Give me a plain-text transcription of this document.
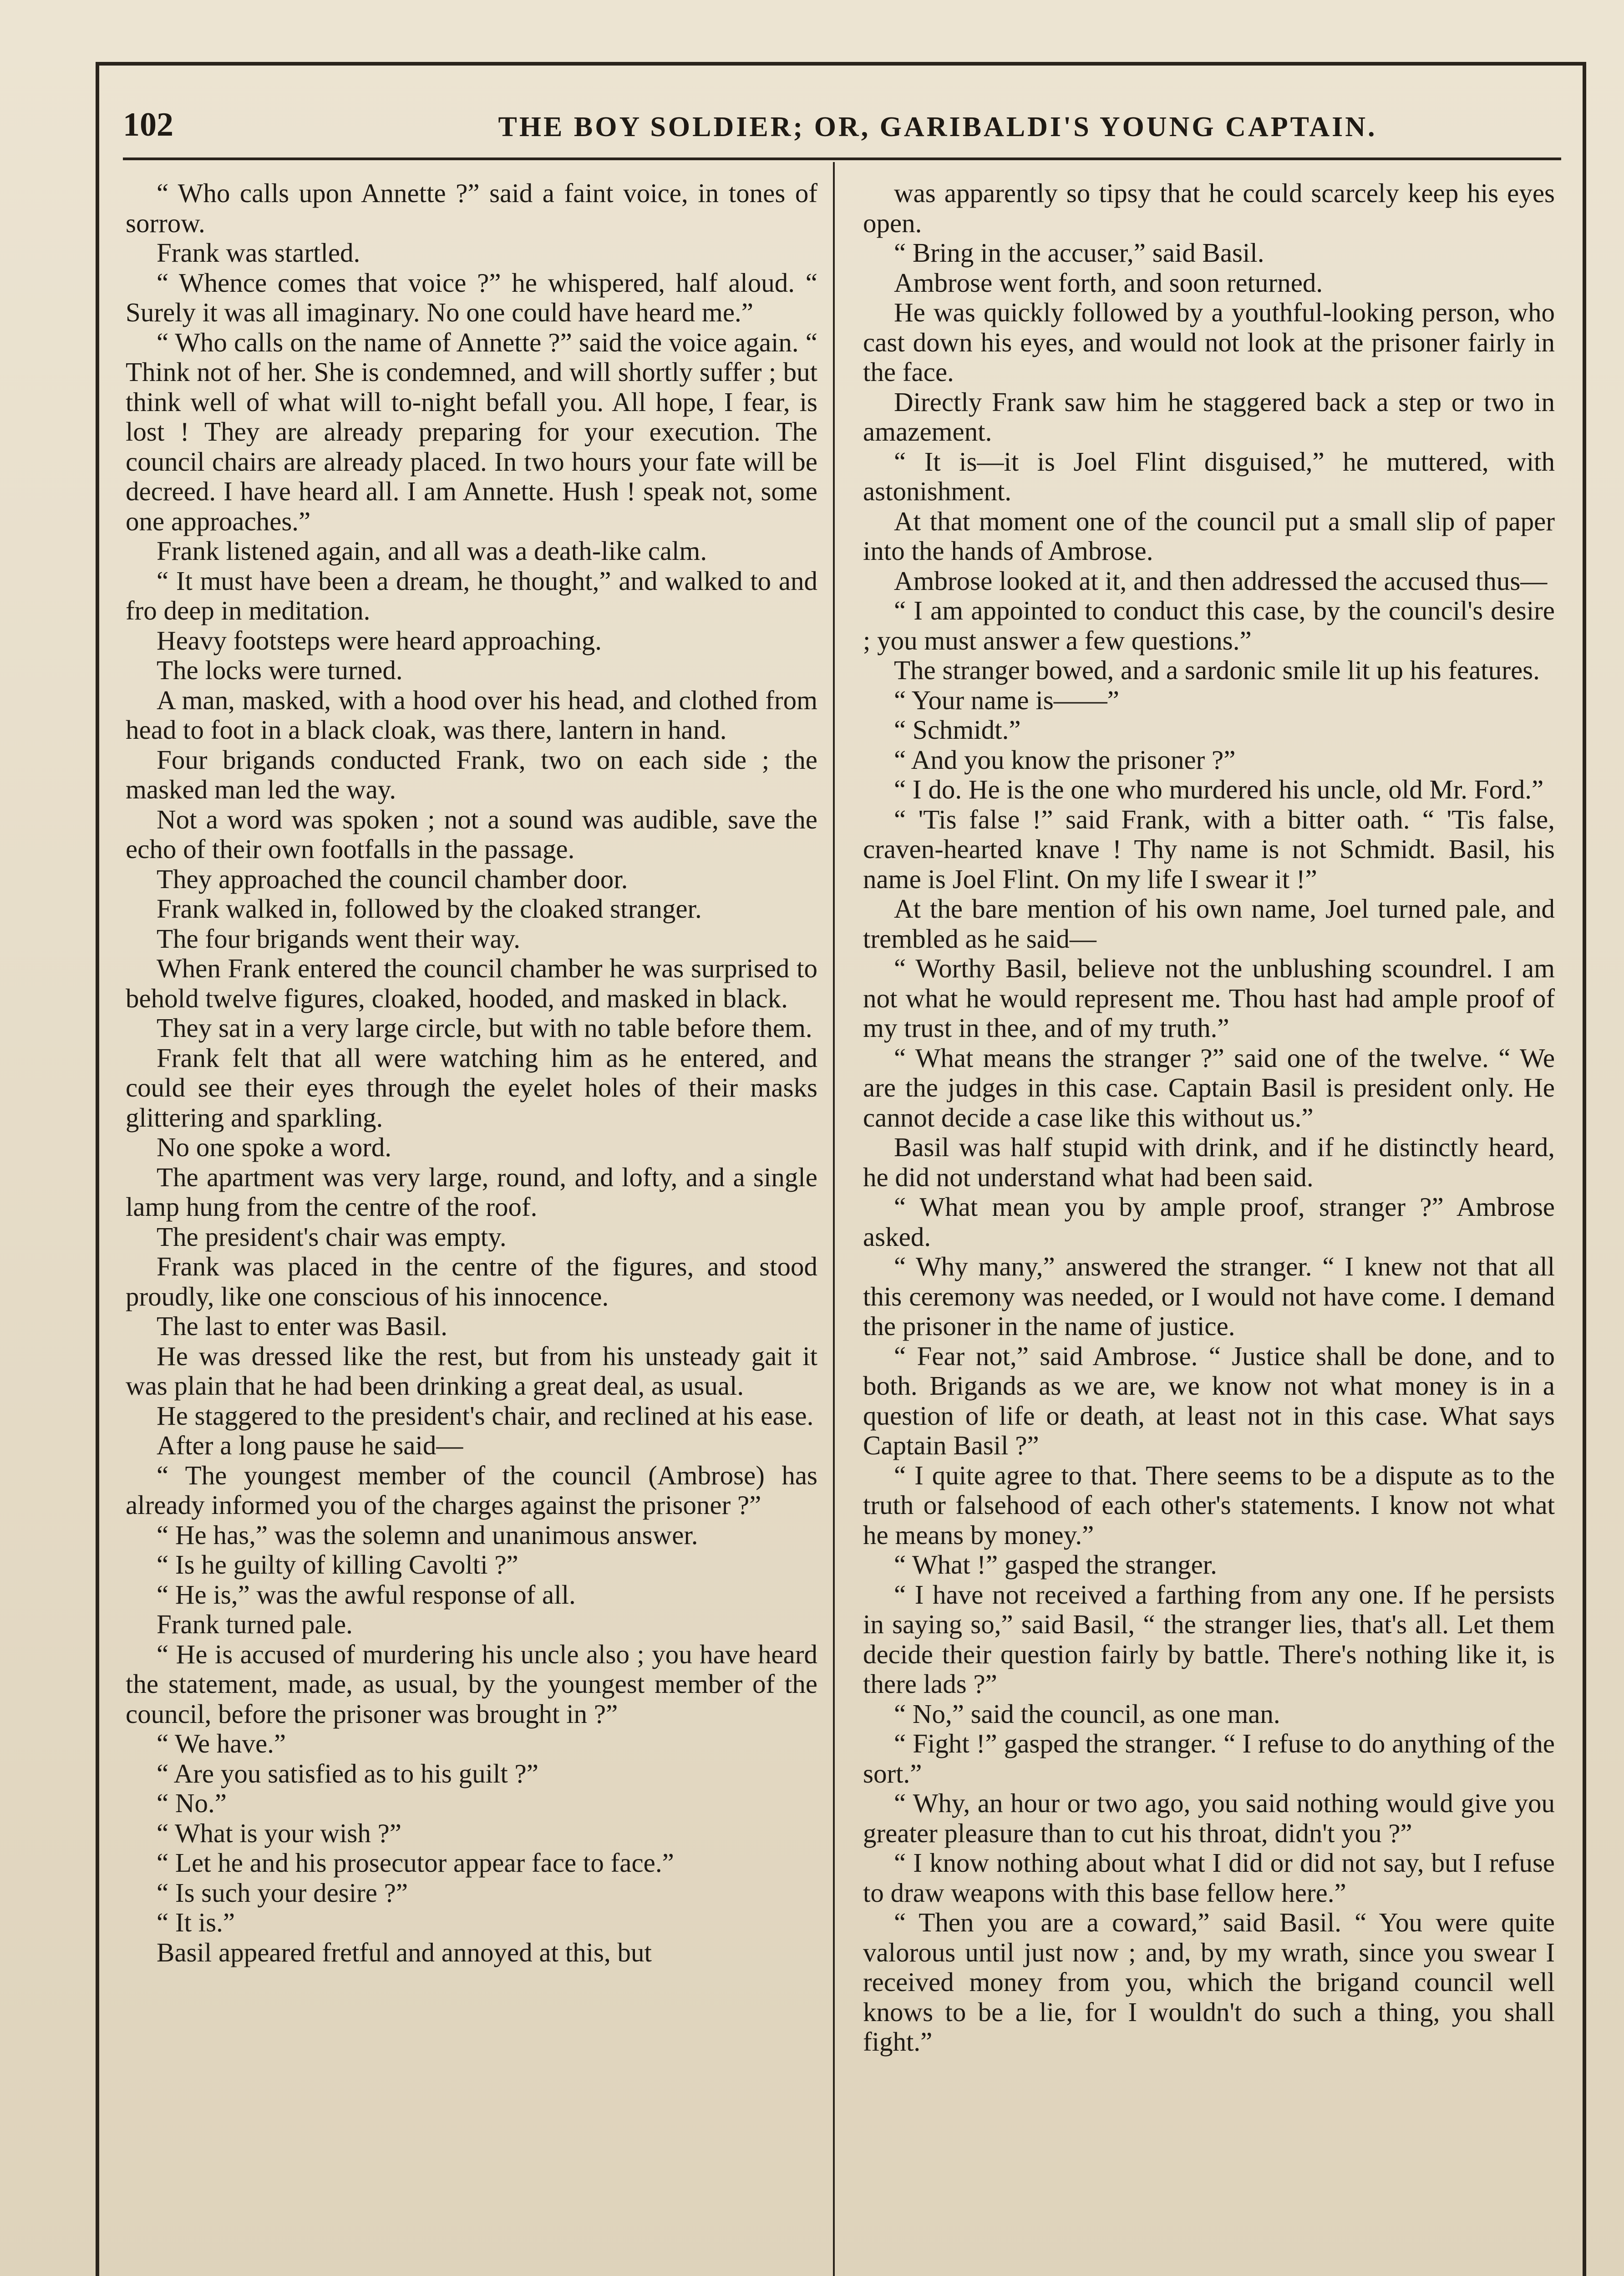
102	THE BOY SOLDIER; OR, GARIBALDI'S YOUNG CAPTAIN.

“ Who calls upon Annette ?” said a faint voice, in tones of sorrow.

Frank was startled.

“ Whence comes that voice ?” he whispered, half aloud. “ Surely it was all imaginary. No one could have heard me.”

“ Who calls on the name of Annette ?” said the voice again. “ Think not of her. She is condemned, and will shortly suffer ; but think well of what will to-night befall you. All hope, I fear, is lost ! They are already preparing for your execution. The council chairs are already placed. In two hours your fate will be decreed. I have heard all. I am Annette. Hush ! speak not, some one approaches.”

Frank listened again, and all was a death-like calm.

“ It must have been a dream, he thought,” and walked to and fro deep in meditation.

Heavy footsteps were heard approaching.

The locks were turned.

A man, masked, with a hood over his head, and clothed from head to foot in a black cloak, was there, lantern in hand.

Four brigands conducted Frank, two on each side ; the masked man led the way.

Not a word was spoken ; not a sound was audible, save the echo of their own footfalls in the passage.

They approached the council chamber door.

Frank walked in, followed by the cloaked stranger.

The four brigands went their way.

When Frank entered the council chamber he was surprised to behold twelve figures, cloaked, hooded, and masked in black.

They sat in a very large circle, but with no table before them.

Frank felt that all were watching him as he entered, and could see their eyes through the eyelet holes of their masks glittering and sparkling.

No one spoke a word.

The apartment was very large, round, and lofty, and a single lamp hung from the centre of the roof.

The president's chair was empty.

Frank was placed in the centre of the figures, and stood proudly, like one conscious of his innocence.

The last to enter was Basil.

He was dressed like the rest, but from his unsteady gait it was plain that he had been drinking a great deal, as usual.

He staggered to the president's chair, and reclined at his ease.

After a long pause he said—

“ The youngest member of the council (Ambrose) has already informed you of the charges against the prisoner ?”

“ He has,” was the solemn and unanimous answer.

“ Is he guilty of killing Cavolti ?”

“ He is,” was the awful response of all.

Frank turned pale.

“ He is accused of murdering his uncle also ; you have heard the statement, made, as usual, by the youngest member of the council, before the prisoner was brought in ?”

“ We have.”

“ Are you satisfied as to his guilt ?”

“ No.”

“ What is your wish ?”

“ Let he and his prosecutor appear face to face.”

“ Is such your desire ?”

“ It is.”

Basil appeared fretful and annoyed at this, but

was apparently so tipsy that he could scarcely keep his eyes open.

“ Bring in the accuser,” said Basil.

Ambrose went forth, and soon returned.

He was quickly followed by a youthful-looking person, who cast down his eyes, and would not look at the prisoner fairly in the face.

Directly Frank saw him he staggered back a step or two in amazement.

“ It is—it is Joel Flint disguised,” he muttered, with astonishment.

At that moment one of the council put a small slip of paper into the hands of Ambrose.

Ambrose looked at it, and then addressed the accused thus—

“ I am appointed to conduct this case, by the council's desire ; you must answer a few questions.”

The stranger bowed, and a sardonic smile lit up his features.

“ Your name is——”

“ Schmidt.”

“ And you know the prisoner ?”

“ I do. He is the one who murdered his uncle, old Mr. Ford.”

“ 'Tis false !” said Frank, with a bitter oath. “ 'Tis false, craven-hearted knave ! Thy name is not Schmidt. Basil, his name is Joel Flint. On my life I swear it !”

At the bare mention of his own name, Joel turned pale, and trembled as he said—

“ Worthy Basil, believe not the unblushing scoundrel. I am not what he would represent me. Thou hast had ample proof of my trust in thee, and of my truth.”

“ What means the stranger ?” said one of the twelve. “ We are the judges in this case. Captain Basil is president only. He cannot decide a case like this without us.”

Basil was half stupid with drink, and if he distinctly heard, he did not understand what had been said.

“ What mean you by ample proof, stranger ?” Ambrose asked.

“ Why many,” answered the stranger. “ I knew not that all this ceremony was needed, or I would not have come. I demand the prisoner in the name of justice.

“ Fear not,” said Ambrose. “ Justice shall be done, and to both. Brigands as we are, we know not what money is in a question of life or death, at least not in this case. What says Captain Basil ?”

“ I quite agree to that. There seems to be a dispute as to the truth or falsehood of each other's statements. I know not what he means by money.”

“ What !” gasped the stranger.

“ I have not received a farthing from any one. If he persists in saying so,” said Basil, “ the stranger lies, that's all. Let them decide their question fairly by battle. There's nothing like it, is there lads ?”

“ No,” said the council, as one man.

“ Fight !” gasped the stranger. “ I refuse to do anything of the sort.”

“ Why, an hour or two ago, you said nothing would give you greater pleasure than to cut his throat, didn't you ?”

“ I know nothing about what I did or did not say, but I refuse to draw weapons with this base fellow here.”

“ Then you are a coward,” said Basil. “ You were quite valorous until just now ; and, by my wrath, since you swear I received money from you, which the brigand council well knows to be a lie, for I wouldn't do such a thing, you shall fight.”
